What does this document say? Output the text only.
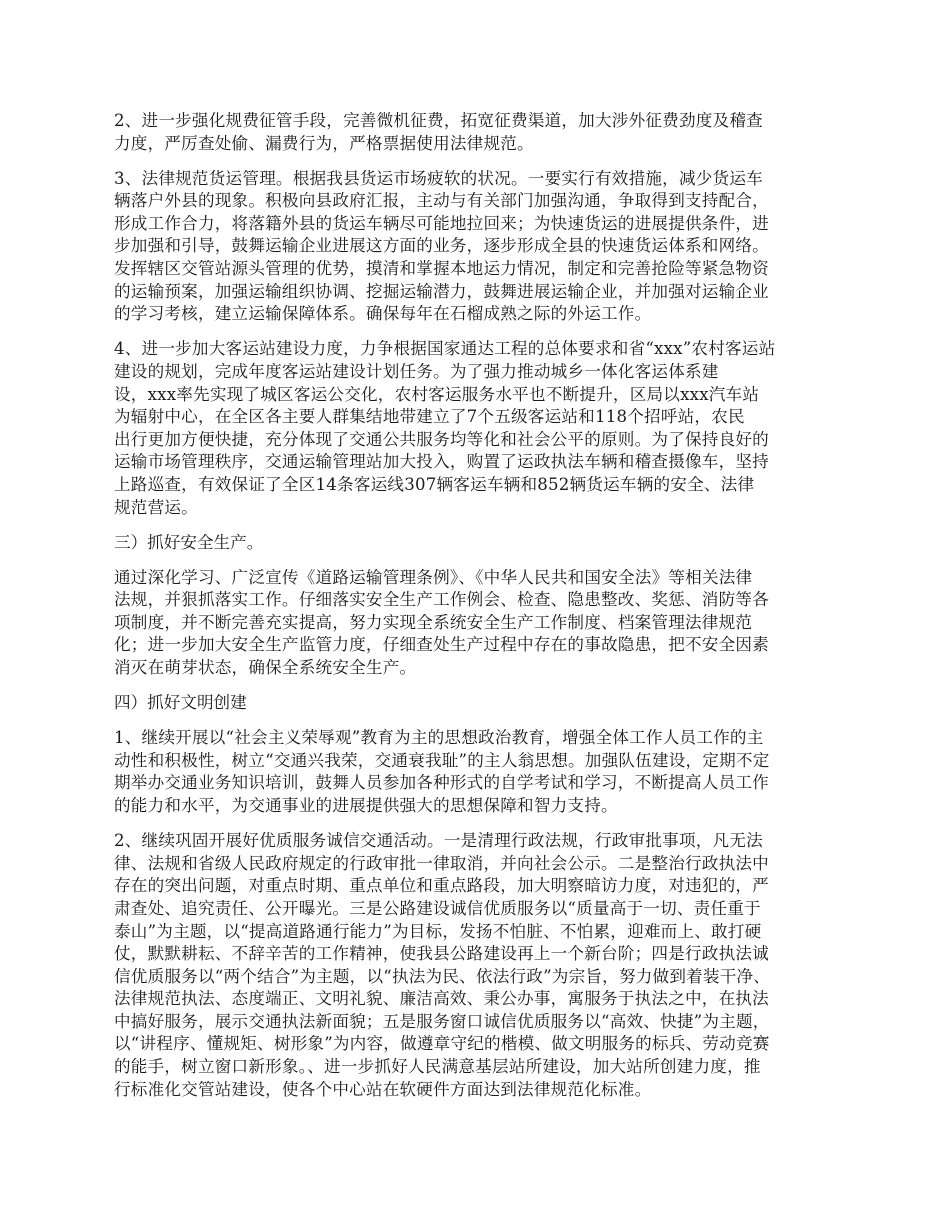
2、进一步强化规费征管手段，完善微机征费，拓宽征费渠道，加大涉外征费劲度及稽查
力度，严厉查处偷、漏费行为，严格票据使用法律规范。
3、法律规范货运管理。根据我县货运市场疲软的状况。一要实行有效措施，减少货运车
辆落户外县的现象。积极向县政府汇报，主动与有关部门加强沟通，争取得到支持配合，
形成工作合力，将落籍外县的货运车辆尽可能地拉回来；为快速货运的进展提供条件，进
步加强和引导，鼓舞运输企业进展这方面的业务，逐步形成全县的快速货运体系和网络。
发挥辖区交管站源头管理的优势，摸清和掌握本地运力情况，制定和完善抢险等紧急物资
的运输预案，加强运输组织协调、挖掘运输潜力，鼓舞进展运输企业，并加强对运输企业
的学习考核，建立运输保障体系。确保每年在石榴成熟之际的外运工作。
4、进一步加大客运站建设力度，力争根据国家通达工程的总体要求和省“xxx”农村客运站
建设的规划，完成年度客运站建设计划任务。为了强力推动城乡一体化客运体系建
设，xxx率先实现了城区客运公交化，农村客运服务水平也不断提升，区局以xxx汽车站
为辐射中心，在全区各主要人群集结地带建立了7个五级客运站和118个招呼站，农民
出行更加方便快捷，充分体现了交通公共服务均等化和社会公平的原则。为了保持良好的
运输市场管理秩序，交通运输管理站加大投入，购置了运政执法车辆和稽查摄像车，坚持
上路巡查，有效保证了全区14条客运线307辆客运车辆和852辆货运车辆的安全、法律
规范营运。
三）抓好安全生产。
通过深化学习、广泛宣传《道路运输管理条例》、《中华人民共和国安全法》等相关法律
法规，并狠抓落实工作。仔细落实安全生产工作例会、检查、隐患整改、奖惩、消防等各
项制度，并不断完善充实提高，努力实现全系统安全生产工作制度、档案管理法律规范
化；进一步加大安全生产监管力度，仔细查处生产过程中存在的事故隐患，把不安全因素
消灭在萌芽状态，确保全系统安全生产。
四）抓好文明创建
1、继续开展以“社会主义荣辱观”教育为主的思想政治教育，增强全体工作人员工作的主
动性和积极性，树立“交通兴我荣，交通衰我耻”的主人翁思想。加强队伍建设，定期不定
期举办交通业务知识培训，鼓舞人员参加各种形式的自学考试和学习，不断提高人员工作
的能力和水平，为交通事业的进展提供强大的思想保障和智力支持。
2、继续巩固开展好优质服务诚信交通活动。一是清理行政法规，行政审批事项，凡无法
律、法规和省级人民政府规定的行政审批一律取消，并向社会公示。二是整治行政执法中
存在的突出问题，对重点时期、重点单位和重点路段，加大明察暗访力度，对违犯的，严
肃查处、追究责任、公开曝光。三是公路建设诚信优质服务以“质量高于一切、责任重于
泰山”为主题，以“提高道路通行能力”为目标，发扬不怕脏、不怕累，迎难而上、敢打硬
仗，默默耕耘、不辞辛苦的工作精神，使我县公路建设再上一个新台阶；四是行政执法诚
信优质服务以“两个结合”为主题，以“执法为民、依法行政”为宗旨，努力做到着装干净、
法律规范执法、态度端正、文明礼貌、廉洁高效、秉公办事，寓服务于执法之中，在执法
中搞好服务，展示交通执法新面貌；五是服务窗口诚信优质服务以“高效、快捷”为主题，
以“讲程序、懂规矩、树形象”为内容，做遵章守纪的楷模、做文明服务的标兵、劳动竞赛
的能手，树立窗口新形象。、进一步抓好人民满意基层站所建设，加大站所创建力度，推
行标准化交管站建设，使各个中心站在软硬件方面达到法律规范化标准。
